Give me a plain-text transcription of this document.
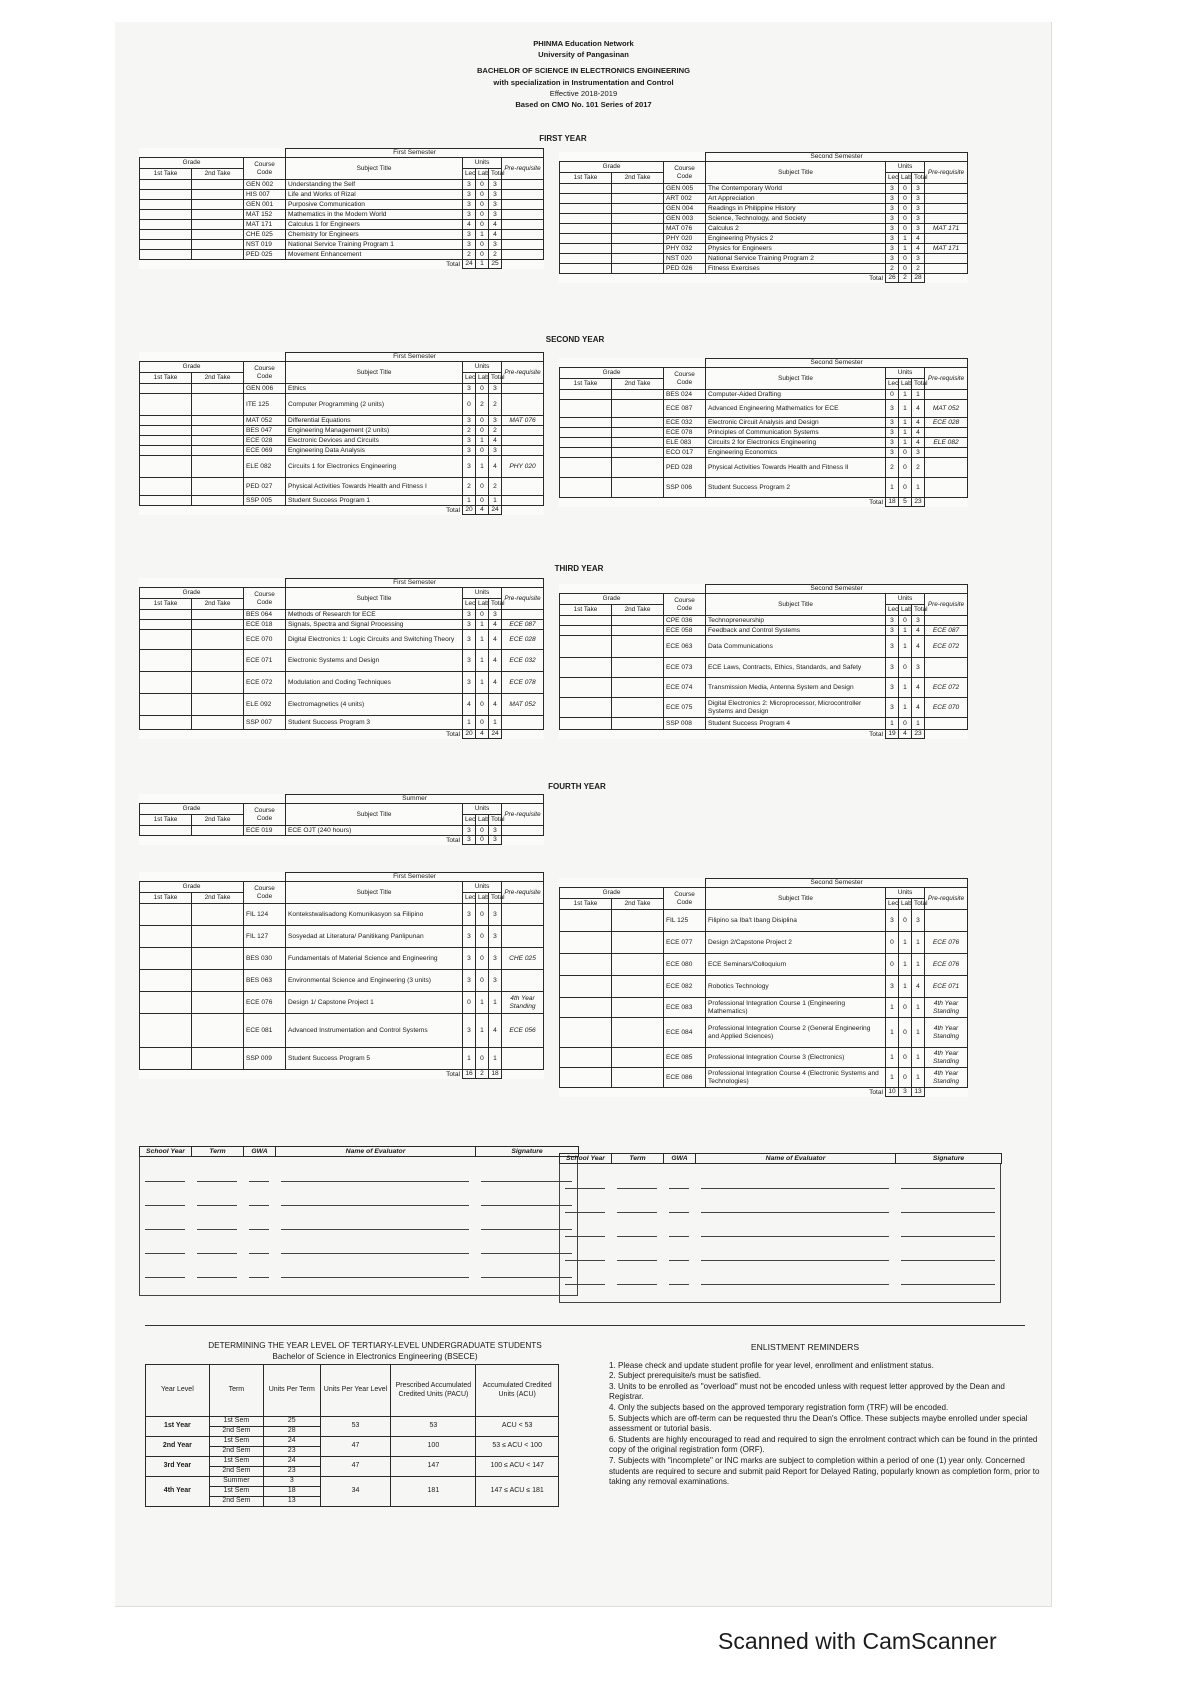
PHINMA Education Network
University of Pangasinan
BACHELOR OF SCIENCE IN ELECTRONICS ENGINEERING
with specialization in Instrumentation and Control
Effective 2018-2019
Based on CMO No. 101 Series of 2017
FIRST YEAR
			First Semester				
Grade		Course Code	Subject Title	Units			Pre-requisite
1st Take	2nd Take			Lec	Lab	Total	
		GEN 002	Understanding the Self	3	0	3	
		HIS 007	Life and Works of Rizal	3	0	3	
		GEN 001	Purposive Communication	3	0	3	
		MAT 152	Mathematics in the Modern World	3	0	3	
		MAT 171	Calculus 1 for Engineers	4	0	4	
		CHE 025	Chemistry for Engineers	3	1	4	
		NST 019	National Service Training Program 1	3	0	3	
		PED 025	Movement Enhancement	2	0	2	
			Total	24	1	25	
			Second Semester				
Grade		Course Code	Subject Title	Units			Pre-requisite
1st Take	2nd Take			Lec	Lab	Total	
		GEN 005	The Contemporary World	3	0	3	
		ART 002	Art Appreciation	3	0	3	
		GEN 004	Readings in Philippine History	3	0	3	
		GEN 003	Science, Technology, and Society	3	0	3	
		MAT 076	Calculus 2	3	0	3	MAT 171
		PHY 020	Engineering Physics 2	3	1	4	
		PHY 032	Physics for Engineers	3	1	4	MAT 171
		NST 020	National Service Training Program 2	3	0	3	
		PED 026	Fitness Exercises	2	0	2	
			Total	26	2	28	
SECOND YEAR
			First Semester				
Grade		Course Code	Subject Title	Units			Pre-requisite
1st Take	2nd Take			Lec	Lab	Total	
		GEN 006	Ethics	3	0	3	
		ITE 125	Computer Programming (2 units)	0	2	2	
		MAT 052	Differential Equations	3	0	3	MAT 076
		BES 047	Engineering Management (2 units)	2	0	2	
		ECE 028	Electronic Devices and Circuits	3	1	4	
		ECE 069	Engineering Data Analysis	3	0	3	
		ELE 082	Circuits 1 for Electronics Engineering	3	1	4	PHY 020
		PED 027	Physical Activities Towards Health and Fitness I	2	0	2	
		SSP 005	Student Success Program 1	1	0	1	
			Total	20	4	24	
			Second Semester				
Grade		Course Code	Subject Title	Units			Pre-requisite
1st Take	2nd Take			Lec	Lab	Total	
		BES 024	Computer-Aided Drafting	0	1	1	
		ECE 087	Advanced Engineering Mathematics for ECE	3	1	4	MAT 052
		ECE 032	Electronic Circuit Analysis and Design	3	1	4	ECE 028
		ECE 078	Principles of Communication Systems	3	1	4	
		ELE 083	Circuits 2 for Electronics Engineering	3	1	4	ELE 082
		ECO 017	Engineering Economics	3	0	3	
		PED 028	Physical Activities Towards Health and Fitness II	2	0	2	
		SSP 006	Student Success Program 2	1	0	1	
			Total	18	5	23	
THIRD YEAR
			First Semester				
Grade		Course Code	Subject Title	Units			Pre-requisite
1st Take	2nd Take			Lec	Lab	Total	
		BES 064	Methods of Research for ECE	3	0	3	
		ECE 018	Signals, Spectra and Signal Processing	3	1	4	ECE 087
		ECE 070	Digital Electronics 1: Logic Circuits and Switching Theory	3	1	4	ECE 028
		ECE 071	Electronic Systems and Design	3	1	4	ECE 032
		ECE 072	Modulation and Coding Techniques	3	1	4	ECE 078
		ELE 092	Electromagnetics (4 units)	4	0	4	MAT 052
		SSP 007	Student Success Program 3	1	0	1	
			Total	20	4	24	
			Second Semester				
Grade		Course Code	Subject Title	Units			Pre-requisite
1st Take	2nd Take			Lec	Lab	Total	
		CPE 036	Technopreneurship	3	0	3	
		ECE 058	Feedback and Control Systems	3	1	4	ECE 087
		ECE 063	Data Communications	3	1	4	ECE 072
		ECE 073	ECE Laws, Contracts, Ethics, Standards, and Safety	3	0	3	
		ECE 074	Transmission Media, Antenna System and Design	3	1	4	ECE 072
		ECE 075	Digital Electronics 2: Microprocessor, Microcontroller Systems and Design	3	1	4	ECE 070
		SSP 008	Student Success Program 4	1	0	1	
			Total	19	4	23	
FOURTH YEAR
			Summer				
Grade		Course Code	Subject Title	Units			Pre-requisite
1st Take	2nd Take			Lec	Lab	Total	
		ECE 019	ECE OJT (240 hours)	3	0	3	
			Total	3	0	3	
			First Semester				
Grade		Course Code	Subject Title	Units			Pre-requisite
1st Take	2nd Take			Lec	Lab	Total	
		FIL 124	Kontekstwalisadong Komunikasyon sa Filipino	3	0	3	
		FIL 127	Sosyedad at Literatura/ Panitikang Panlipunan	3	0	3	
		BES 030	Fundamentals of Material Science and Engineering	3	0	3	CHE 025
		BES 063	Environmental Science and Engineering (3 units)	3	0	3	
		ECE 076	Design 1/ Capstone Project 1	0	1	1	4th Year Standing
		ECE 081	Advanced Instrumentation and Control Systems	3	1	4	ECE 056
		SSP 009	Student Success Program 5	1	0	1	
			Total	16	2	18	
			Second Semester				
Grade		Course Code	Subject Title	Units			Pre-requisite
1st Take	2nd Take			Lec	Lab	Total	
		FIL 125	Filipino sa Iba't Ibang Disiplina	3	0	3	
		ECE 077	Design 2/Capstone Project 2	0	1	1	ECE 076
		ECE 080	ECE Seminars/Colloquium	0	1	1	ECE 076
		ECE 082	Robotics Technology	3	1	4	ECE 071
		ECE 083	Professional Integration Course 1 (Engineering Mathematics)	1	0	1	4th Year Standing
		ECE 084	Professional Integration Course 2 (General Engineering and Applied Sciences)	1	0	1	4th Year Standing
		ECE 085	Professional Integration Course 3 (Electronics)	1	0	1	4th Year Standing
		ECE 086	Professional Integration Course 4 (Electronic Systems and Technologies)	1	0	1	4th Year Standing
			Total	10	3	13	
School Year	Term	GWA	Name of Evaluator	Signature
School Year	Term	GWA	Name of Evaluator	Signature
DETERMINING THE YEAR LEVEL OF TERTIARY-LEVEL UNDERGRADUATE STUDENTS
Bachelor of Science in Electronics Engineering (BSECE)
Year Level	Term	Units Per Term	Units Per Year Level	Prescribed Accumulated Credited Units (PACU)	Accumulated Credited Units (ACU)
1st Year	1st Sem	25	53	53	ACU < 53
	2nd Sem	28			
2nd Year	1st Sem	24	47	100	53 ≤ ACU < 100
	2nd Sem	23			
3rd Year	1st Sem	24	47	147	100 ≤ ACU < 147
	2nd Sem	23			
4th Year	Summer	3	34	181	147 ≤ ACU ≤ 181
	1st Sem	18			
	2nd Sem	13			
ENLISTMENT REMINDERS

1. Please check and update student profile for year level, enrollment and enlistment status.

2. Subject prerequisite/s must be satisfied.

3. Units to be enrolled as "overload" must not be encoded unless with request letter approved by the Dean and Registrar.

4. Only the subjects based on the approved temporary registration form (TRF) will be encoded.

5. Subjects which are off-term can be requested thru the Dean's Office. These subjects maybe enrolled under special assessment or tutorial basis.

6. Students are highly encouraged to read and required to sign the enrolment contract which can be found in the printed copy of the original registration form (ORF).

7. Subjects with "incomplete" or INC marks are subject to completion within a period of one (1) year only. Concerned students are required to secure and submit paid Report for Delayed Rating, popularly known as completion form, prior to taking any removal examinations.

Scanned with CamScanner
